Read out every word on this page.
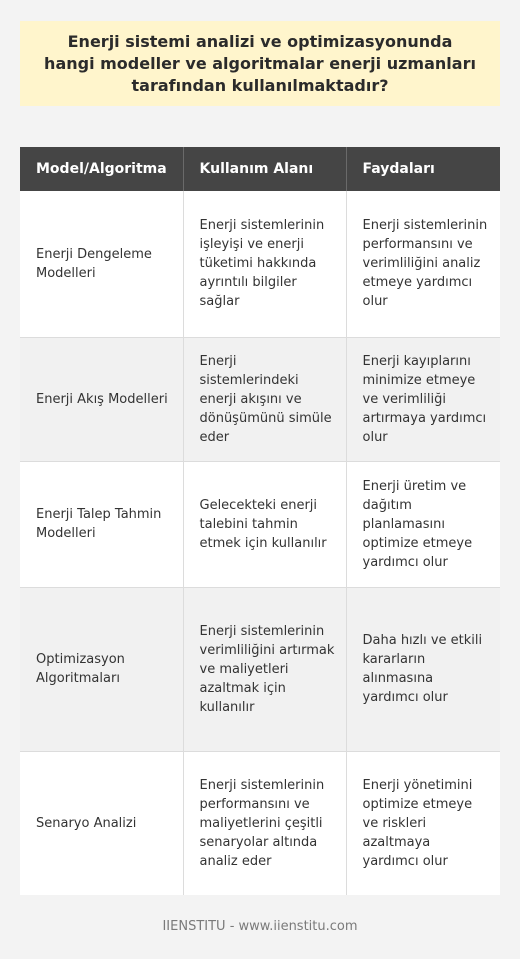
Enerji sistemi analizi ve optimizasyonunda hangi modeller ve algoritmalar enerji uzmanları tarafından kullanılmaktadır?
Model/Algoritma	Kullanım Alanı	Faydaları
Enerji Dengeleme Modelleri	Enerji sistemlerinin işleyişi ve enerji tüketimi hakkında ayrıntılı bilgiler sağlar	Enerji sistemlerinin performansını ve verimliliğini analiz etmeye yardımcı olur
Enerji Akış Modelleri	Enerji sistemlerindeki enerji akışını ve dönüşümünü simüle eder	Enerji kayıplarını minimize etmeye ve verimliliği artırmaya yardımcı olur
Enerji Talep Tahmin Modelleri	Gelecekteki enerji talebini tahmin etmek için kullanılır	Enerji üretim ve dağıtım planlamasını optimize etmeye yardımcı olur
Optimizasyon Algoritmaları	Enerji sistemlerinin verimliliğini artırmak ve maliyetleri azaltmak için kullanılır	Daha hızlı ve etkili kararların alınmasına yardımcı olur
Senaryo Analizi	Enerji sistemlerinin performansını ve maliyetlerini çeşitli senaryolar altında analiz eder	Enerji yönetimini optimize etmeye ve riskleri azaltmaya yardımcı olur
IIENSTITU - www.iienstitu.com
